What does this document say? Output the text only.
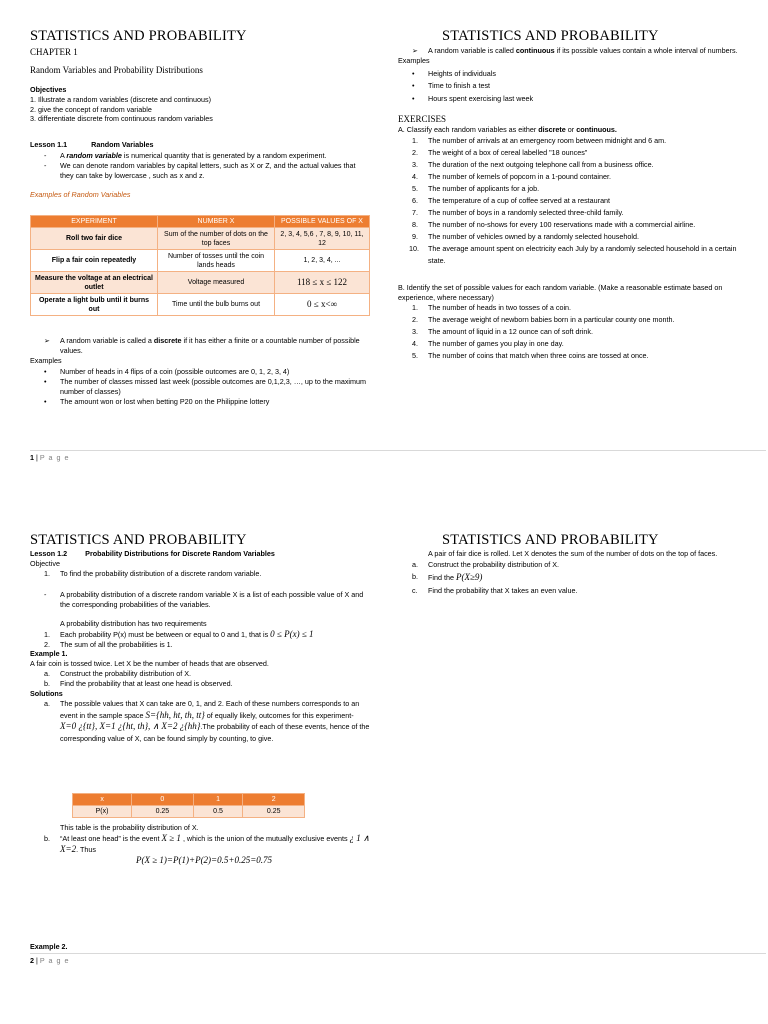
STATISTICS AND PROBABILITY
CHAPTER 1
Random Variables and Probability Distributions
Objectives
1. Illustrate a random variables (discrete and continuous)
2. give the concept of random variable
3. differentiate discrete from continuous random variables
Lesson 1.1	Random Variables
- A random variable is numerical quantity that is generated by a random experiment.
- We can denote random variables by capital letters, such as X or Z, and the actual values that they can take by lowercase , such as x and z.
Examples of Random Variables
EXPERIMENT	NUMBER X	POSSIBLE VALUES OF X
Roll two fair dice	Sum of the number of dots on the top faces	2, 3, 4, 5,6 , 7, 8, 9, 10, 11, 12
Flip a fair coin repeatedly	Number of tosses until the coin lands heads	1, 2, 3, 4, ...
Measure the voltage at an electrical outlet	Voltage measured	118 ≤ x ≤ 122
Operate a light bulb until it burns out	Time until the bulb burns out	0 ≤ x<∞
➢ A random variable is called a discrete if it has either a finite or a countable number of possible values.
Examples
• Number of heads in 4 flips of a coin (possible outcomes are 0, 1, 2, 3, 4)
• The number of classes missed last week (possible outcomes are 0,1,2,3, …, up to the maximum number of classes)
• The amount won or lost when betting P20 on the Philippine lottery
1 | P a g e
STATISTICS AND PROBABILITY
➢ A random variable is called continuous if its possible values contain a whole interval of numbers.
Examples
• Heights of individuals
• Time to finish a test
• Hours spent exercising last week
EXERCISES
A. Classify each random variables as either discrete or continuous.
1. The number of arrivals at an emergency room between midnight and 6 am.
2. The weight of a box of cereal labelled "18 ounces"
3. The duration of the next outgoing telephone call from a business office.
4. The number of kernels of popcorn in a 1-pound container.
5. The number of applicants for a job.
6. The temperature of a cup of coffee served at a restaurant
7. The number of boys in a randomly selected three-child family.
8. The number of no-shows for every 100 reservations made with a commercial airline.
9. The number of vehicles owned by a randomly selected household.
10. The average amount spent on electricity each July by a randomly selected household in a certain state.
B. Identify the set of possible values for each random variable. (Make a reasonable estimate based on experience, where necessary)
1. The number of heads in two tosses of a coin.
2. The average weight of newborn babies born in a particular county one month.
3. The amount of liquid in a 12 ounce can of soft drink.
4. The number of games you play in one day.
5. The number of coins that match when three coins are tossed at once.
STATISTICS AND PROBABILITY
Lesson 1.2	Probability Distributions for Discrete Random Variables
Objective
1. To find the probability distribution of a discrete random variable.
- A probability distribution of a discrete random variable X is a list of each possible value of X and the corresponding probabilities of the variables.
A probability distribution has two requirements
1. Each probability P(x) must be between or equal to 0 and 1, that is 0 ≤ P(x) ≤ 1
2. The sum of all the probabilities is 1.
Example 1.
A fair coin is tossed twice. Let X be the number of heads that are observed.
a. Construct the probability distribution of X.
b. Find the probability that at least one head is observed.
Solutions
a. The possible values that X can take are 0, 1, and 2. Each of these numbers corresponds to an event in the sample space S={hh, ht, th, tt} of equally likely, outcomes for this experiment- X=0 ¿{tt}, X=1 ¿{ht, th}, ∧ X=2 ¿{hh}.The probability of each of these events, hence of the corresponding value of X, can be found simply by counting, to give.
x	0	1	2
P(x)	0.25	0.5	0.25
This table is the probability distribution of X.
b. “At least one head” is the event X ≥ 1 , which is the union of the mutually exclusive events ¿ 1 ∧ X=2. Thus
P(X ≥ 1)=P(1)+P(2)=0.5+0.25=0.75
Example 2.
2 | P a g e
STATISTICS AND PROBABILITY
A pair of fair dice is rolled. Let X denotes the sum of the number of dots on the top of faces.
a. Construct the probability distribution of X.
b. Find the P(X≥9)
c. Find the probability that X takes an even value.
